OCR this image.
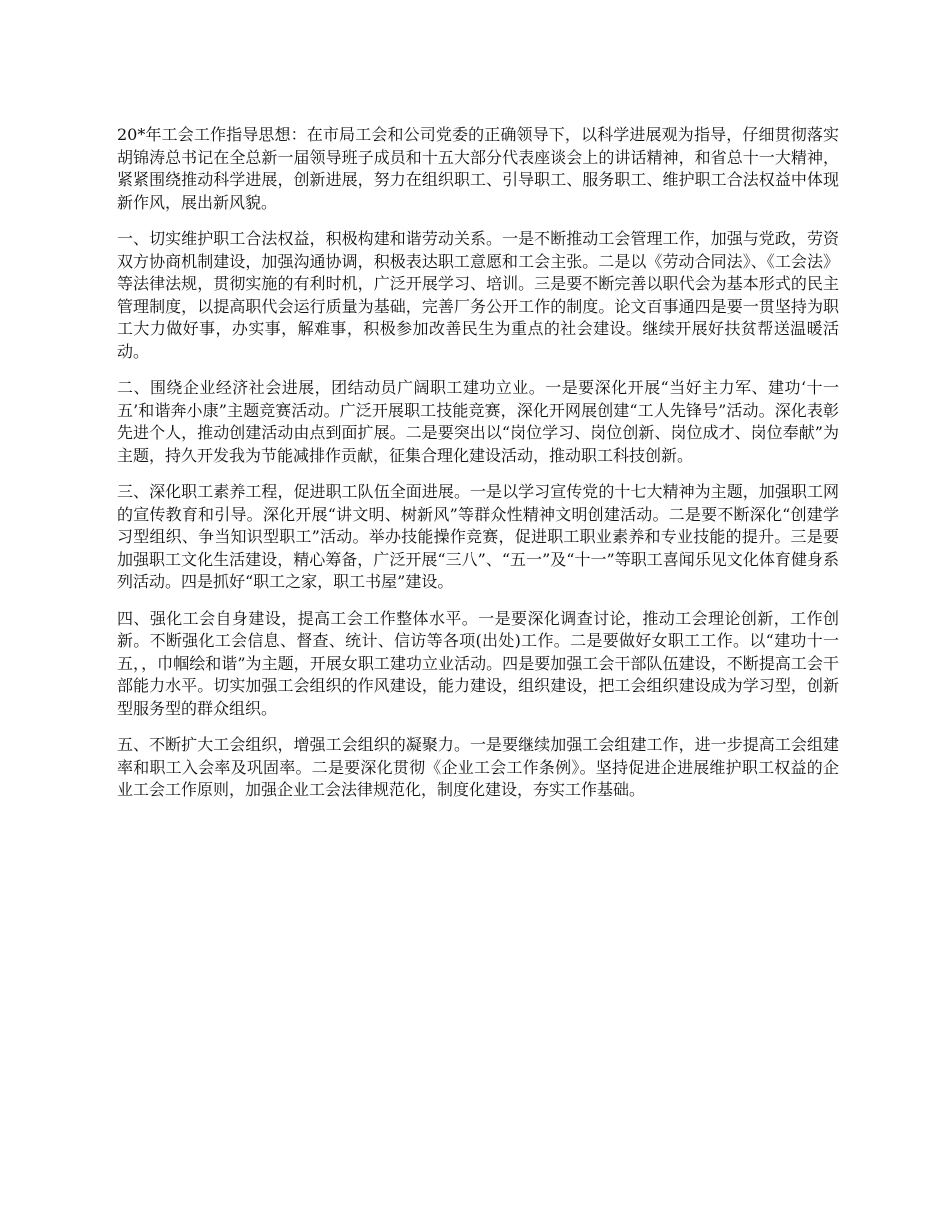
20*年工会工作指导思想：在市局工会和公司党委的正确领导下，以科学进展观为指导，仔细贯彻落实胡锦涛总书记在全总新一届领导班子成员和十五大部分代表座谈会上的讲话精神，和省总十一大精神，紧紧围绕推动科学进展，创新进展，努力在组织职工、引导职工、服务职工、维护职工合法权益中体现新作风，展出新风貌。

一、切实维护职工合法权益，积极构建和谐劳动关系。一是不断推动工会管理工作，加强与党政，劳资双方协商机制建设，加强沟通协调，积极表达职工意愿和工会主张。二是以《劳动合同法》、《工会法》等法律法规，贯彻实施的有利时机，广泛开展学习、培训。三是要不断完善以职代会为基本形式的民主管理制度，以提高职代会运行质量为基础，完善厂务公开工作的制度。论文百事通四是要一贯坚持为职工大力做好事，办实事，解难事，积极参加改善民生为重点的社会建设。继续开展好扶贫帮送温暖活动。

二、围绕企业经济社会进展，团结动员广阔职工建功立业。一是要深化开展“当好主力军、建功‘十一五’和谐奔小康”主题竞赛活动。广泛开展职工技能竞赛，深化开网展创建“工人先锋号”活动。深化表彰先进个人，推动创建活动由点到面扩展。二是要突出以“岗位学习、岗位创新、岗位成才、岗位奉献”为主题，持久开发我为节能减排作贡献，征集合理化建设活动，推动职工科技创新。

三、深化职工素养工程，促进职工队伍全面进展。一是以学习宣传党的十七大精神为主题，加强职工网的宣传教育和引导。深化开展“讲文明、树新风”等群众性精神文明创建活动。二是要不断深化“创建学习型组织、争当知识型职工”活动。举办技能操作竞赛，促进职工职业素养和专业技能的提升。三是要加强职工文化生活建设，精心筹备，广泛开展“三八”、“五一”及“十一”等职工喜闻乐见文化体育健身系列活动。四是抓好“职工之家，职工书屋”建设。

四、强化工会自身建设，提高工会工作整体水平。一是要深化调查讨论，推动工会理论创新，工作创新。不断强化工会信息、督查、统计、信访等各项(出处)工作。二是要做好女职工工作。以“建功十一五，，巾帼绘和谐”为主题，开展女职工建功立业活动。四是要加强工会干部队伍建设，不断提高工会干部能力水平。切实加强工会组织的作风建设，能力建设，组织建设，把工会组织建设成为学习型，创新型服务型的群众组织。

五、不断扩大工会组织，增强工会组织的凝聚力。一是要继续加强工会组建工作，进一步提高工会组建率和职工入会率及巩固率。二是要深化贯彻《企业工会工作条例》。坚持促进企进展维护职工权益的企业工会工作原则，加强企业工会法律规范化，制度化建设，夯实工作基础。
